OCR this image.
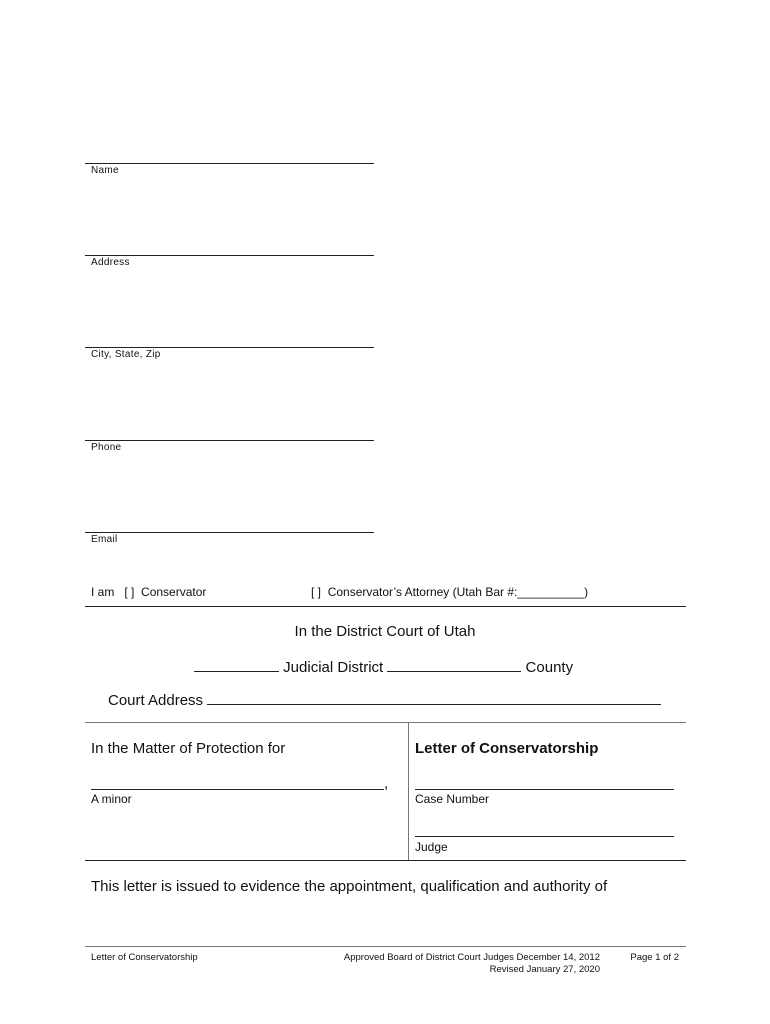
Name
Address
City, State, Zip
Phone
Email
I am [ ] Conservator	[ ] Conservator’s Attorney (Utah Bar #:__________)
In the District Court of Utah
Judicial District	County
Court Address
In the Matter of Protection for
,
A minor
Letter of Conservatorship
Case Number
Judge
This letter is issued to evidence the appointment, qualification and authority of
Letter of Conservatorship	Approved Board of District Court Judges December 14, 2012
Revised January 27, 2020
Page 1 of 2
